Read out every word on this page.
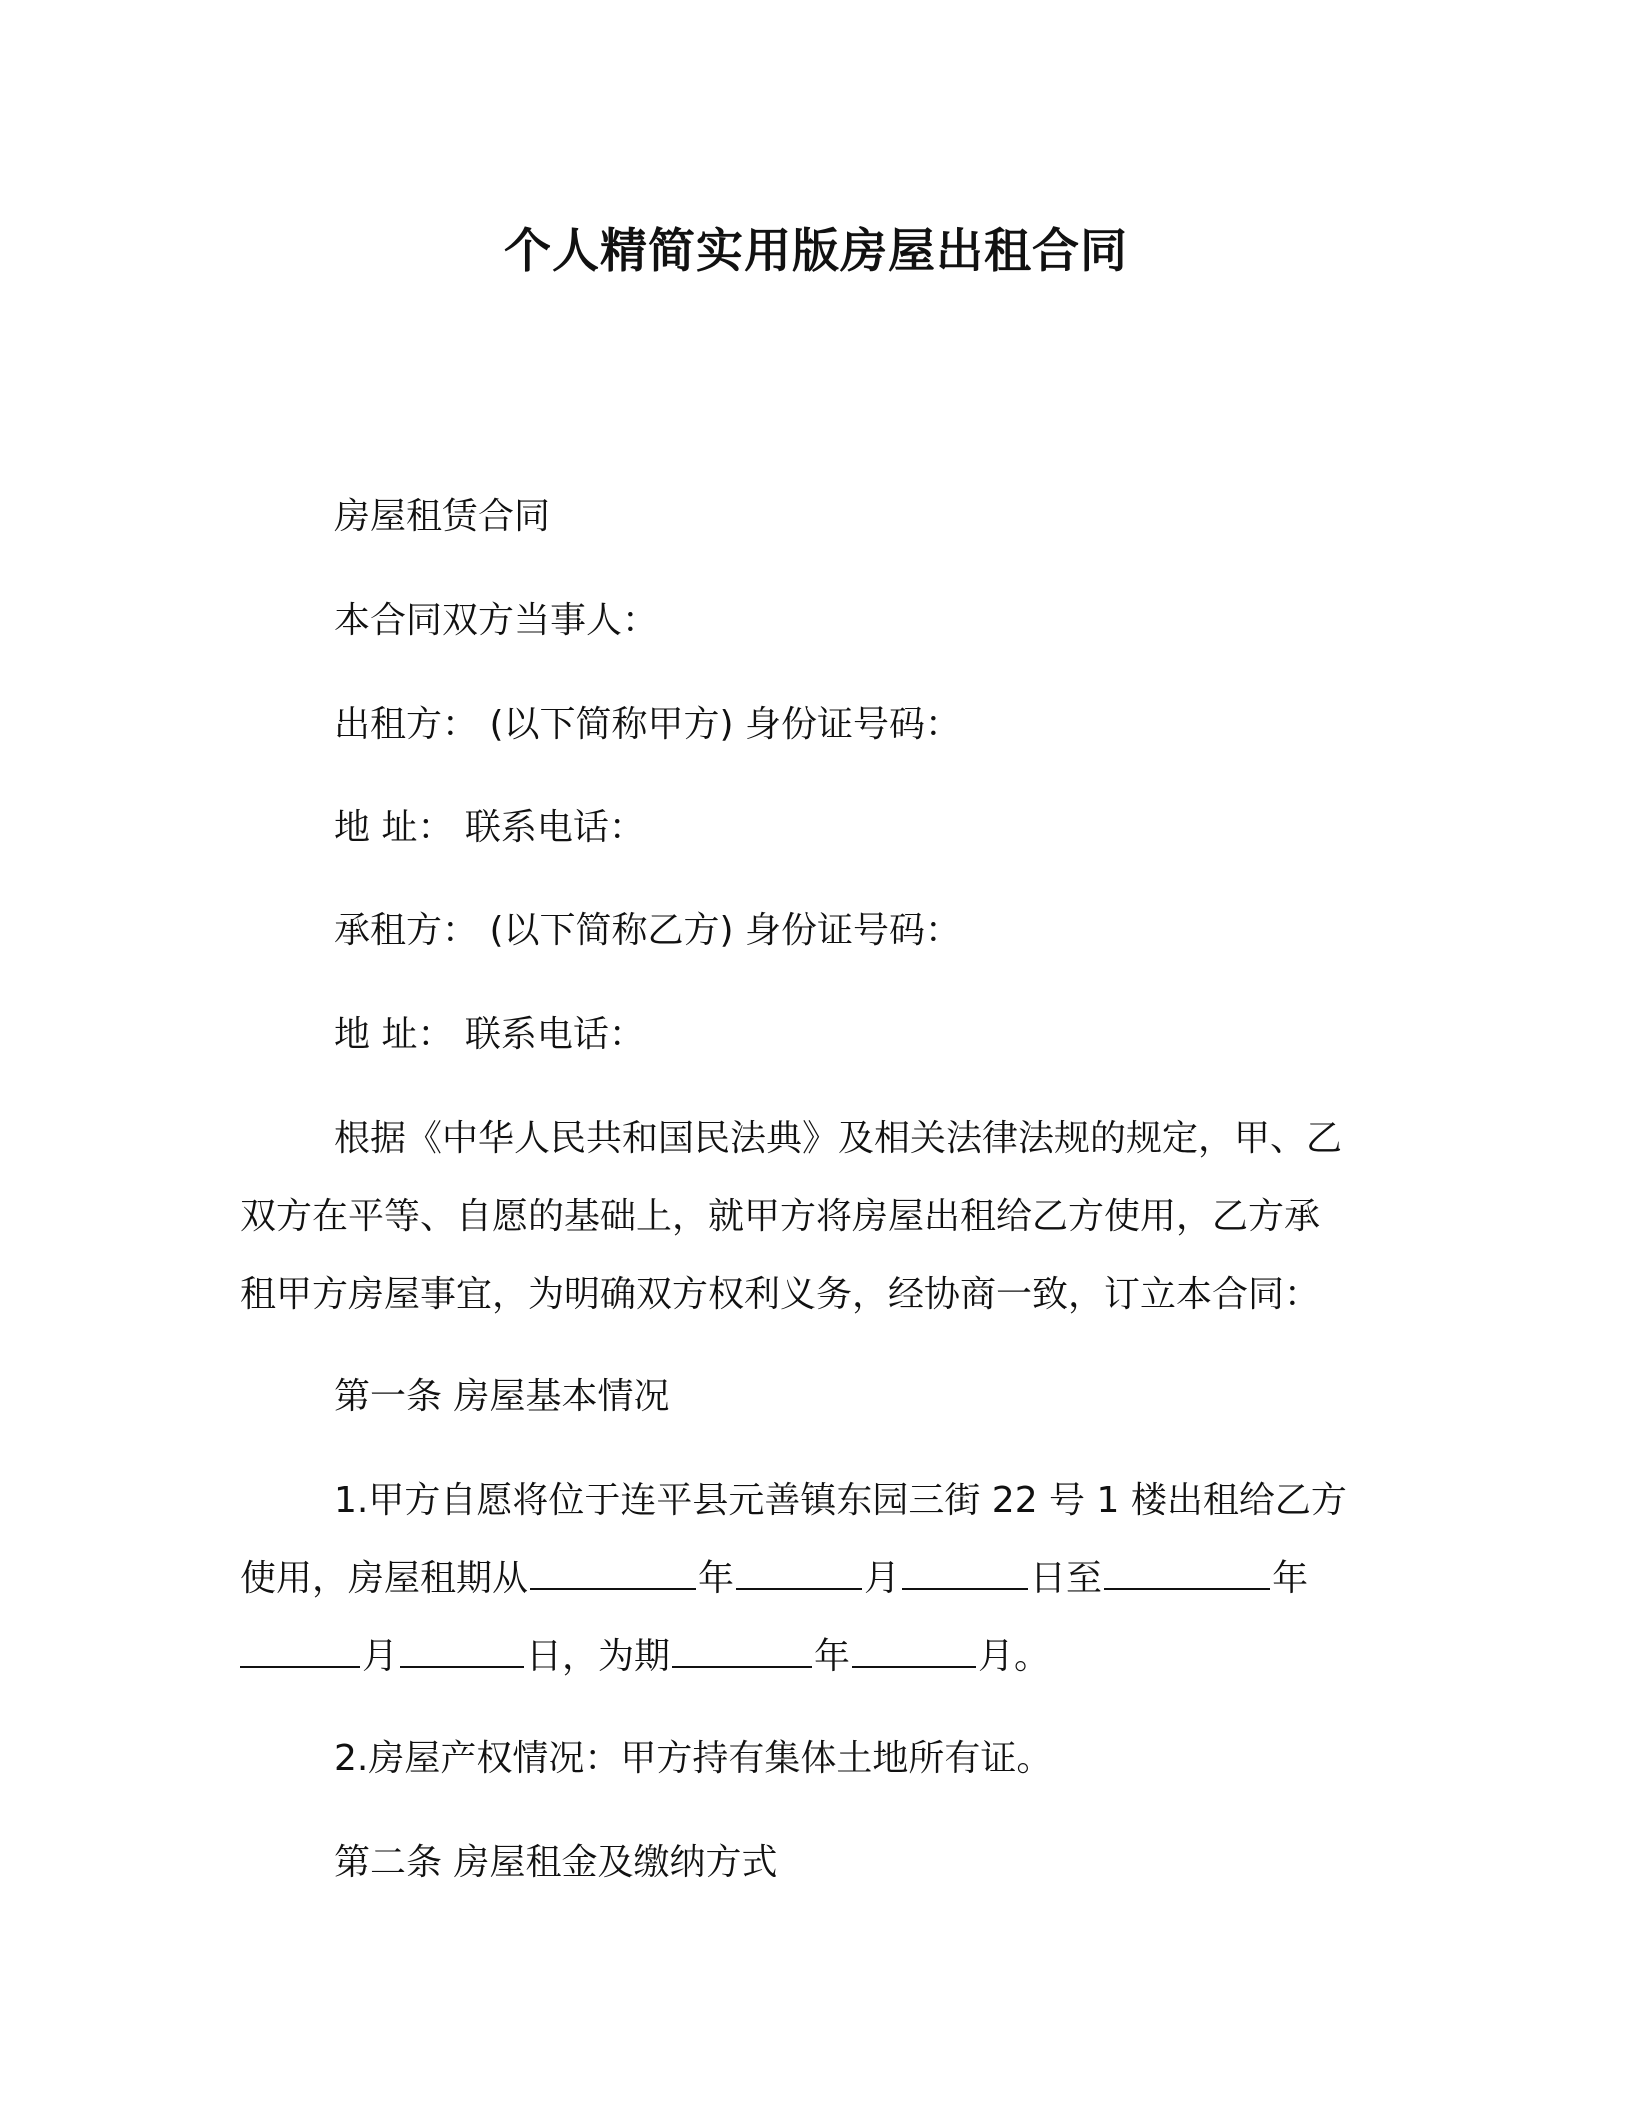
个人精简实用版房屋出租合同
房屋租赁合同
本合同双方当事人：
出租方： (以下简称甲方) 身份证号码：
地 址： 联系电话：
承租方： (以下简称乙方) 身份证号码：
地 址： 联系电话：
根据《中华人民共和国民法典》及相关法律法规的规定，甲、乙
双方在平等、自愿的基础上，就甲方将房屋出租给乙方使用，乙方承
租甲方房屋事宜，为明确双方权利义务，经协商一致，订立本合同：
第一条 房屋基本情况
1.甲方自愿将位于连平县元善镇东园三街 22 号 1 楼出租给乙方
使用，房屋租期从	年	月	日至	年
月	日，为期	年	月。
2.房屋产权情况：甲方持有集体土地所有证。
第二条 房屋租金及缴纳方式
